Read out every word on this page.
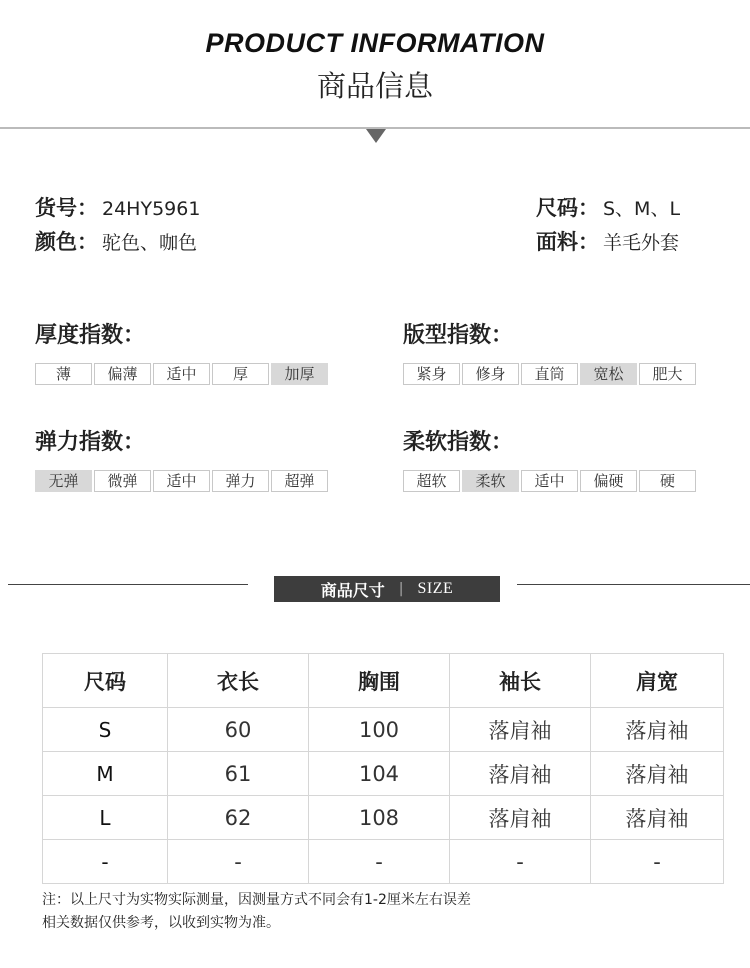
PRODUCT INFORMATION
商品信息
货号： 24HY5961
颜色： 驼色、咖色
尺码： S、M、L
面料： 羊毛外套
厚度指数：
薄	偏薄	适中	厚	加厚
版型指数：
紧身	修身	直筒	宽松	肥大
弹力指数：
无弹	微弹	适中	弹力	超弹
柔软指数：
超软	柔软	适中	偏硬	硬
商品尺寸 | SIZE
尺码	衣长	胸围	袖长	肩宽
S	60	100	落肩袖	落肩袖
M	61	104	落肩袖	落肩袖
L	62	108	落肩袖	落肩袖
-	-	-	-	-
注：以上尺寸为实物实际测量，因测量方式不同会有1-2厘米左右误差
相关数据仅供参考，以收到实物为准。
